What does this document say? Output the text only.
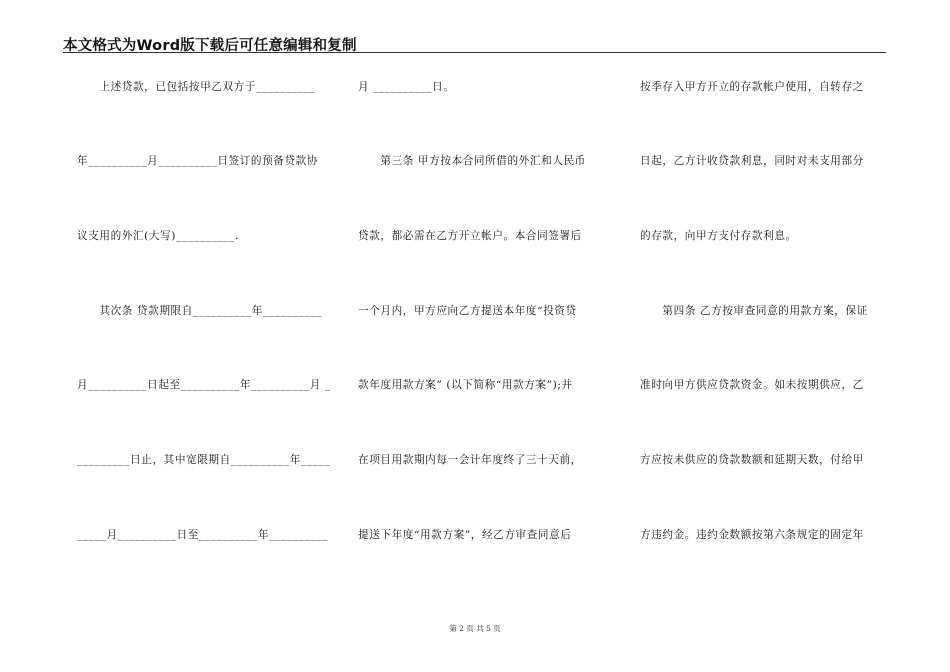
本文格式为Word版下载后可任意编辑和复制
　　上述贷款，已包括按甲乙双方于__________
年__________月__________日签订的预备贷款协
议支用的外汇(大写)__________.
　　其次条 贷款期限自__________年__________
月__________日起至__________年__________月 _
_________日止，其中宽限期自__________年_____
_____月__________日至__________年__________
月 __________日。
　　第三条 甲方按本合同所借的外汇和人民币
贷款，都必需在乙方开立帐户。本合同签署后
一个月内，甲方应向乙方提送本年度“投资贷
款年度用款方案” (以下简称“用款方案”);并
在项目用款期内每一会计年度终了三十天前，
提送下年度“用款方案”，经乙方审查同意后
按季存入甲方开立的存款帐户使用，自转存之
日起，乙方计收贷款利息，同时对未支用部分
的存款，向甲方支付存款利息。
　　第四条 乙方按审查同意的用款方案，保证
准时向甲方供应贷款资金。如未按期供应，乙
方应按未供应的贷款数额和延期天数，付给甲
方违约金。违约金数额按第六条规定的固定年
第 2 页 共 5 页
